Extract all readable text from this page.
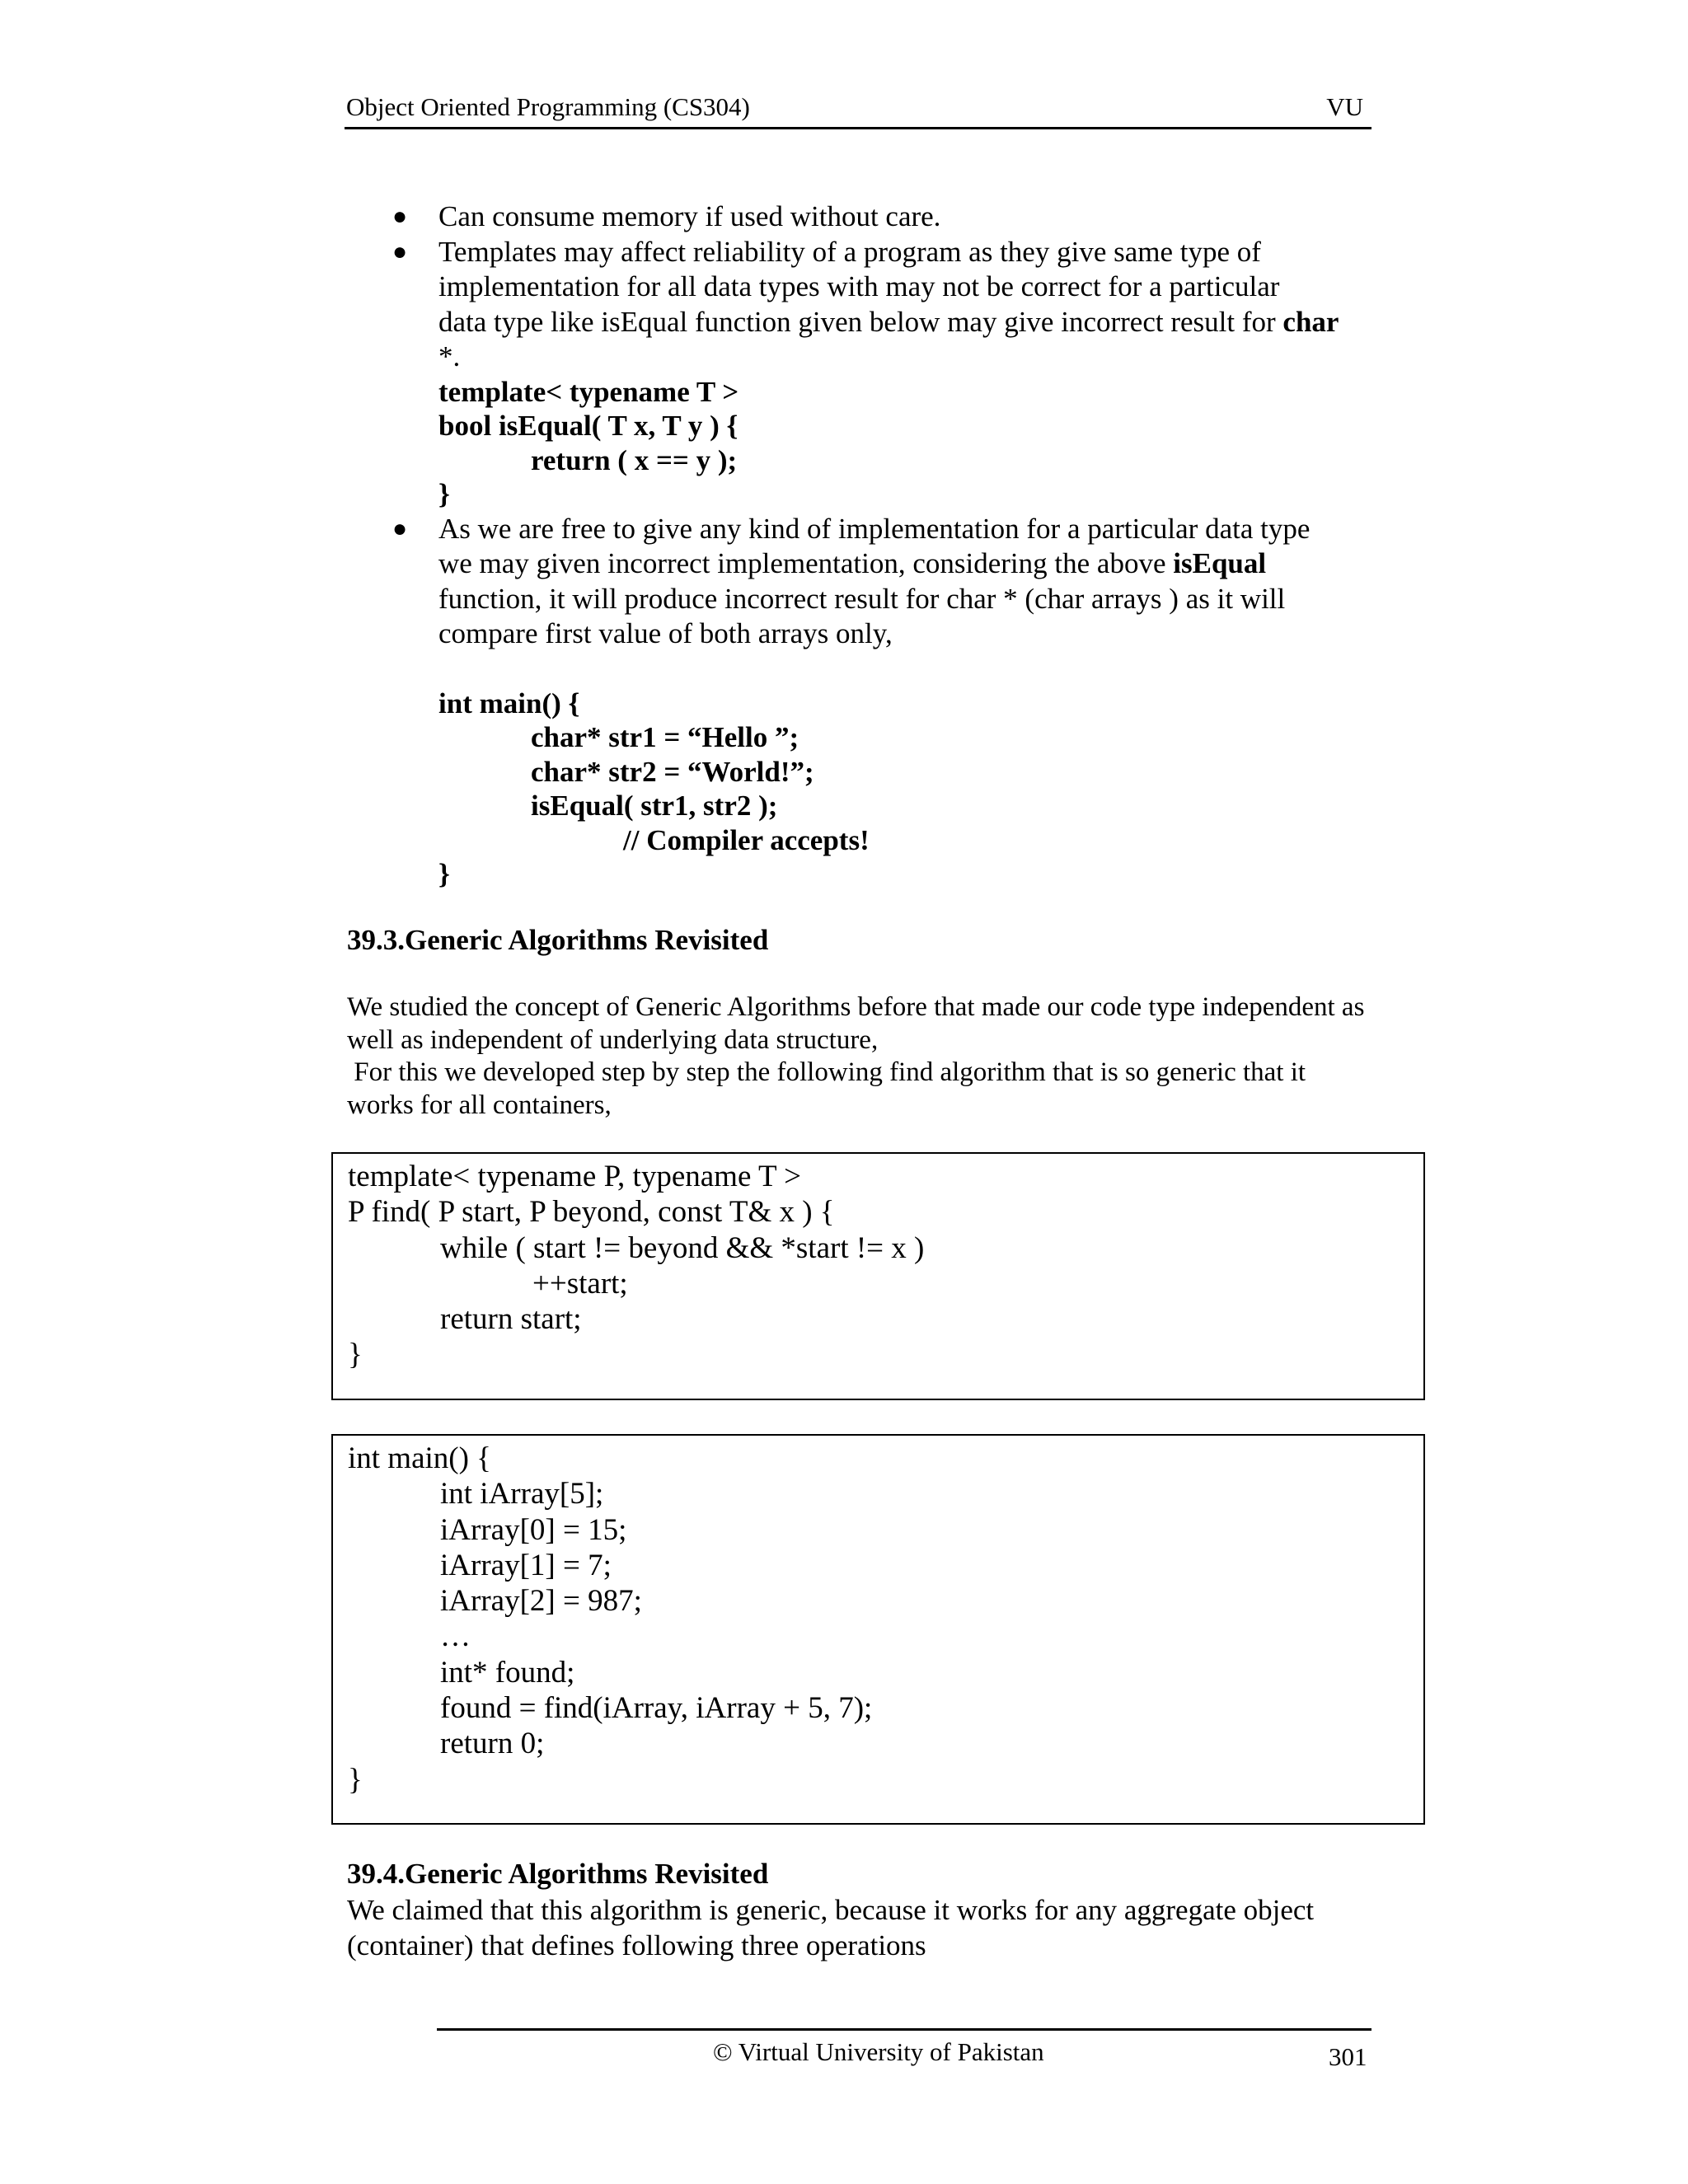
Object Oriented Programming (CS304)	VU
● Can consume memory if used without care.
● Templates may affect reliability of a program as they give same type of
implementation for all data types with may not be correct for a particular
data type like isEqual function given below may give incorrect result for char
*.
template< typename T >
bool isEqual( T x, T y ) {
return ( x == y );
}
● As we are free to give any kind of implementation for a particular data type
we may given incorrect implementation, considering the above isEqual
function, it will produce incorrect result for char * (char arrays ) as it will
compare first value of both arrays only,
int main() {
char* str1 = “Hello ”;
char* str2 = “World!”;
isEqual( str1, str2 );
// Compiler accepts!
}
39.3.Generic Algorithms Revisited
We studied the concept of Generic Algorithms before that made our code type independent as
well as independent of underlying data structure,
For this we developed step by step the following find algorithm that is so generic that it
works for all containers,
template< typename P, typename T >
P find( P start, P beyond, const T& x ) {
while ( start != beyond && *start != x )
++start;
return start;
}
int main() {
int iArray[5];
iArray[0] = 15;
iArray[1] = 7;
iArray[2] = 987;
…
int* found;
found = find(iArray, iArray + 5, 7);
return 0;
}
39.4.Generic Algorithms Revisited
We claimed that this algorithm is generic, because it works for any aggregate object
(container) that defines following three operations
© Virtual University of Pakistan	301
